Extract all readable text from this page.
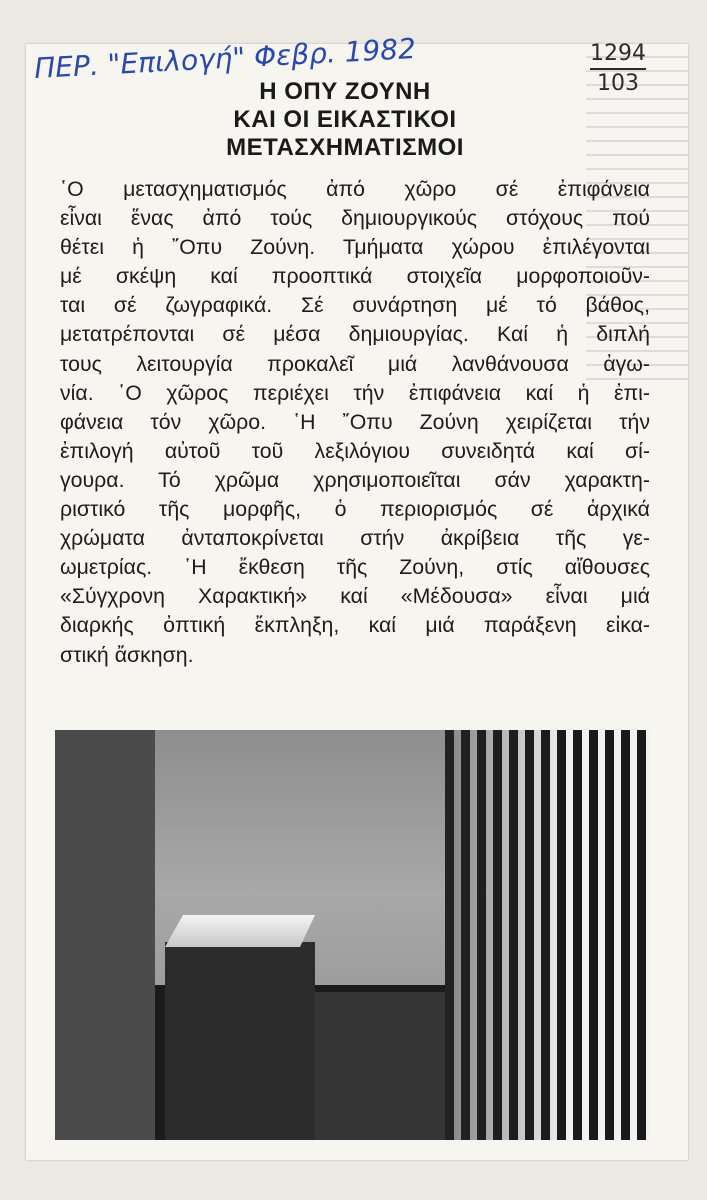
ΠΕΡ. "Επιλογή" Φεβρ. 1982	1294
103
Η ΟΠΥ ΖΟΥΝΗ
ΚΑΙ ΟΙ ΕΙΚΑΣΤΙΚΟΙ
ΜΕΤΑΣΧΗΜΑΤΙΣΜΟΙ
῾Ο μετασχηματισμός ἀπό χῶρο σέ ἐπιφάνεια
εἶναι ἕνας ἀπό τούς δημιουργικούς στόχους πού
θέτει ἡ ῎Οπυ Ζούνη. Τμήματα χώρου ἐπιλέγονται
μέ σκέψη καί προοπτικά στοιχεῖα μορφοποιοῦν-
ται σέ ζωγραφικά. Σέ συνάρτηση μέ τό βάθος,
μετατρέπονται σέ μέσα δημιουργίας. Καί ἡ διπλή
τους λειτουργία προκαλεῖ μιά λανθάνουσα ἀγω-
νία. ῾Ο χῶρος περιέχει τήν ἐπιφάνεια καί ἡ ἐπι-
φάνεια τόν χῶρο. ῾Η ῎Οπυ Ζούνη χειρίζεται τήν
ἐπιλογή αὐτοῦ τοῦ λεξιλόγιου συνειδητά καί σί-
γουρα. Τό χρῶμα χρησιμοποιεῖται σάν χαρακτη-
ριστικό τῆς μορφῆς, ὁ περιορισμός σέ ἀρχικά
χρώματα ἀνταποκρίνεται στήν ἀκρίβεια τῆς γε-
ωμετρίας. ῾Η ἔκθεση τῆς Ζούνη, στίς αἴθουσες
«Σύγχρονη Χαρακτική» καί «Μέδουσα» εἶναι μιά
διαρκής ὀπτική ἔκπληξη, καί μιά παράξενη εἰκα-
στική ἄσκηση.
